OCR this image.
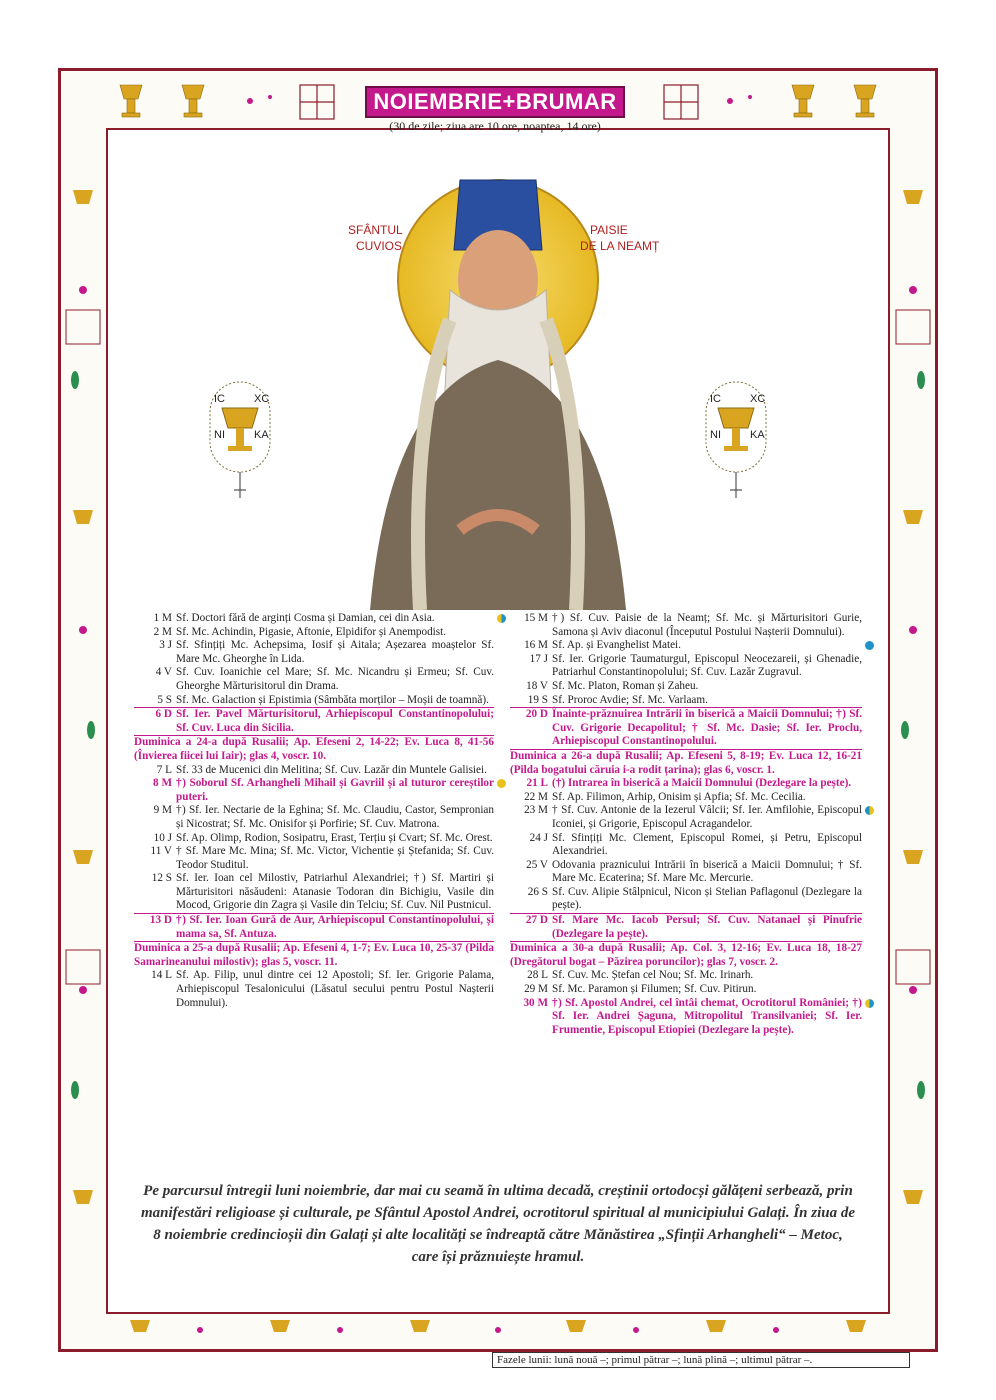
NOIEMBRIE+BRUMAR
(30 de zile; ziua are 10 ore, noaptea, 14 ore)
SFÂNTUL
CUVIOS
PAISIE
DE LA NEAMȚ
IC	XC
NI	KA
IC	XC
NI	KA
1 M Sf. Doctori fără de arginți Cosma și Damian, cei din Asia.
2 M Sf. Mc. Achindin, Pigasie, Aftonie, Elpidifor și Anempodist.
3 J Sf. Sfințiți Mc. Achepsima, Iosif și Aitala; Așezarea moaștelor Sf. Mare Mc. Gheorghe în Lida.
4 V Sf. Cuv. Ioanichie cel Mare; Sf. Mc. Nicandru și Ermeu; Sf. Cuv. Gheorghe Mărturisitorul din Drama.
5 S Sf. Mc. Galaction și Epistimia (Sâmbăta morților – Moșii de toamnă).
6 D Sf. Ier. Pavel Mărturisitorul, Arhiepiscopul Constantinopolului; Sf. Cuv. Luca din Sicilia.
Duminica a 24-a după Rusalii; Ap. Efeseni 2, 14-22; Ev. Luca 8, 41-56 (Învierea fiicei lui Iair); glas 4, voscr. 10.
7 L Sf. 33 de Mucenici din Melitina; Sf. Cuv. Lazăr din Muntele Galisiei.
8 M †) Soborul Sf. Arhangheli Mihail și Gavriil și al tuturor cereștilor puteri.
9 M †) Sf. Ier. Nectarie de la Eghina; Sf. Mc. Claudiu, Castor, Sempronian și Nicostrat; Sf. Mc. Onisifor și Porfirie; Sf. Cuv. Matrona.
10 J Sf. Ap. Olimp, Rodion, Sosipatru, Erast, Terțiu și Cvart; Sf. Mc. Orest.
11 V † Sf. Mare Mc. Mina; Sf. Mc. Victor, Vichentie și Ștefanida; Sf. Cuv. Teodor Studitul.
12 S Sf. Ier. Ioan cel Milostiv, Patriarhul Alexandriei; †) Sf. Martiri și Mărturisitori năsăudeni: Atanasie Todoran din Bichigiu, Vasile din Mocod, Grigorie din Zagra și Vasile din Telciu; Sf. Cuv. Nil Pustnicul.
13 D †) Sf. Ier. Ioan Gură de Aur, Arhiepiscopul Constantinopolului, și mama sa, Sf. Antuza.
Duminica a 25-a după Rusalii; Ap. Efeseni 4, 1-7; Ev. Luca 10, 25-37 (Pilda Samarineanului milostiv); glas 5, voscr. 11.
14 L Sf. Ap. Filip, unul dintre cei 12 Apostoli; Sf. Ier. Grigorie Palama, Arhiepiscopul Tesalonicului (Lăsatul secului pentru Postul Nașterii Domnului).
15 M †) Sf. Cuv. Paisie de la Neamț; Sf. Mc. și Mărturisitori Gurie, Samona și Aviv diaconul (Începutul Postului Nașterii Domnului).
16 M Sf. Ap. și Evanghelist Matei.
17 J Sf. Ier. Grigorie Taumaturgul, Episcopul Neocezareii, și Ghenadie, Patriarhul Constantinopolului; Sf. Cuv. Lazăr Zugravul.
18 V Sf. Mc. Platon, Roman și Zaheu.
19 S Sf. Proroc Avdie; Sf. Mc. Varlaam.
20 D Înainte-prăznuirea Intrării în biserică a Maicii Domnului; †) Sf. Cuv. Grigorie Decapolitul; † Sf. Mc. Dasie; Sf. Ier. Proclu, Arhiepiscopul Constantinopolului.
Duminica a 26-a după Rusalii; Ap. Efeseni 5, 8-19; Ev. Luca 12, 16-21 (Pilda bogatului căruia i-a rodit țarina); glas 6, voscr. 1.
21 L (†) Intrarea în biserică a Maicii Domnului (Dezlegare la pește).
22 M Sf. Ap. Filimon, Arhip, Onisim și Apfia; Sf. Mc. Cecilia.
23 M † Sf. Cuv. Antonie de la Iezerul Vâlcii; Sf. Ier. Amfilohie, Episcopul Iconiei, și Grigorie, Episcopul Acragandelor.
24 J Sf. Sfințiți Mc. Clement, Episcopul Romei, și Petru, Episcopul Alexandriei.
25 V Odovania praznicului Intrării în biserică a Maicii Domnului; † Sf. Mare Mc. Ecaterina; Sf. Mare Mc. Mercurie.
26 S Sf. Cuv. Alipie Stâlpnicul, Nicon și Stelian Paflagonul (Dezlegare la pește).
27 D Sf. Mare Mc. Iacob Persul; Sf. Cuv. Natanael și Pinufrie (Dezlegare la pește).
Duminica a 30-a după Rusalii; Ap. Col. 3, 12-16; Ev. Luca 18, 18-27 (Dregătorul bogat – Păzirea poruncilor); glas 7, voscr. 2.
28 L Sf. Cuv. Mc. Ștefan cel Nou; Sf. Mc. Irinarh.
29 M Sf. Mc. Paramon și Filumen; Sf. Cuv. Pitirun.
30 M †) Sf. Apostol Andrei, cel întâi chemat, Ocrotitorul României; †) Sf. Ier. Andrei Șaguna, Mitropolitul Transilvaniei; Sf. Ier. Frumentie, Episcopul Etiopiei (Dezlegare la pește).
Pe parcursul întregii luni noiembrie, dar mai cu seamă în ultima decadă, creștinii ortodocși gălățeni serbează, prin manifestări religioase și culturale, pe Sfântul Apostol Andrei, ocrotitorul spiritual al municipiului Galați. În ziua de 8 noiembrie credincioșii din Galați și alte localități se îndreaptă către Mănăstirea „Sfinții Arhangheli“ – Metoc, care își prăznuiește hramul.
Fazele lunii: lună nouă –; primul pătrar –; lună plină –; ultimul pătrar –.
